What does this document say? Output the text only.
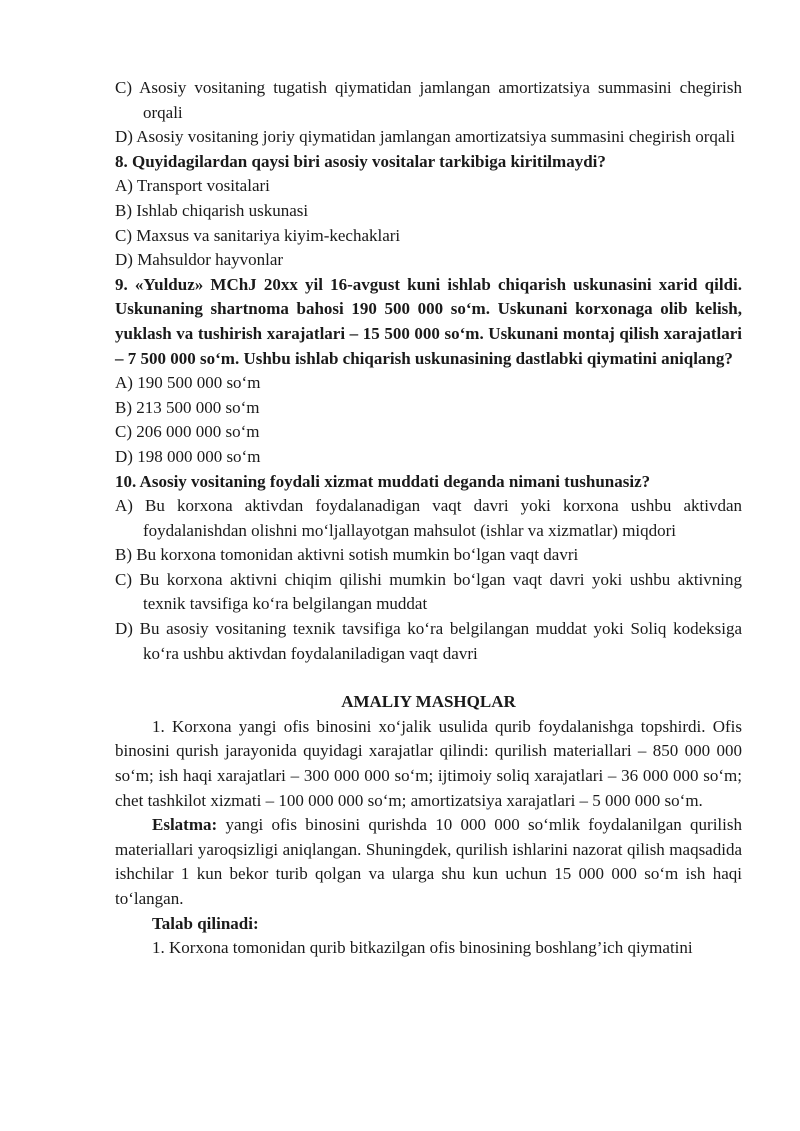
C) Asosiy vositaning tugatish qiymatidan jamlangan amortizatsiya summasini chegirish orqali
D) Asosiy vositaning joriy qiymatidan jamlangan amortizatsiya summasini chegirish orqali
8. Quyidagilardan qaysi biri asosiy vositalar tarkibiga kiritilmaydi?
A) Transport vositalari
B) Ishlab chiqarish uskunasi
C) Maxsus va sanitariya kiyim-kechaklari
D) Mahsuldor hayvonlar
9. «Yulduz» MChJ 20xx yil 16-avgust kuni ishlab chiqarish uskunasini xarid qildi. Uskunaning shartnoma bahosi 190 500 000 so‘m. Uskunani korxonaga olib kelish, yuklash va tushirish xarajatlari – 15 500 000 so‘m. Uskunani montaj qilish xarajatlari – 7 500 000 so‘m. Ushbu ishlab chiqarish uskunasining dastlabki qiymatini aniqlang?
A) 190 500 000 so‘m
B) 213 500 000 so‘m
C) 206 000 000 so‘m
D) 198 000 000 so‘m
10. Asosiy vositaning foydali xizmat muddati deganda nimani tushunasiz?
A) Bu korxona aktivdan foydalanadigan vaqt davri yoki korxona ushbu aktivdan foydalanishdan olishni mo‘ljallayotgan mahsulot (ishlar va xizmatlar) miqdori
B) Bu korxona tomonidan aktivni sotish mumkin bo‘lgan vaqt davri
C) Bu korxona aktivni chiqim qilishi mumkin bo‘lgan vaqt davri yoki ushbu aktivning texnik tavsifiga ko‘ra belgilangan muddat
D) Bu asosiy vositaning texnik tavsifiga ko‘ra belgilangan muddat yoki Soliq kodeksiga ko‘ra ushbu aktivdan foydalaniladigan vaqt davri
AMALIY MASHQLAR
1. Korxona yangi ofis binosini xo‘jalik usulida qurib foydalanishga topshirdi. Ofis binosini qurish jarayonida quyidagi xarajatlar qilindi: qurilish materiallari – 850 000 000 so‘m; ish haqi xarajatlari – 300 000 000 so‘m; ijtimoiy soliq xarajatlari – 36 000 000 so‘m; chet tashkilot xizmati – 100 000 000 so‘m; amortizatsiya xarajatlari – 5 000 000 so‘m.
Eslatma: yangi ofis binosini qurishda 10 000 000 so‘mlik foydalanilgan qurilish materiallari yaroqsizligi aniqlangan. Shuningdek, qurilish ishlarini nazorat qilish maqsadida ishchilar 1 kun bekor turib qolgan va ularga shu kun uchun 15 000 000 so‘m ish haqi to‘langan.
Talab qilinadi:
1. Korxona tomonidan qurib bitkazilgan ofis binosining boshlang’ich qiymatini
